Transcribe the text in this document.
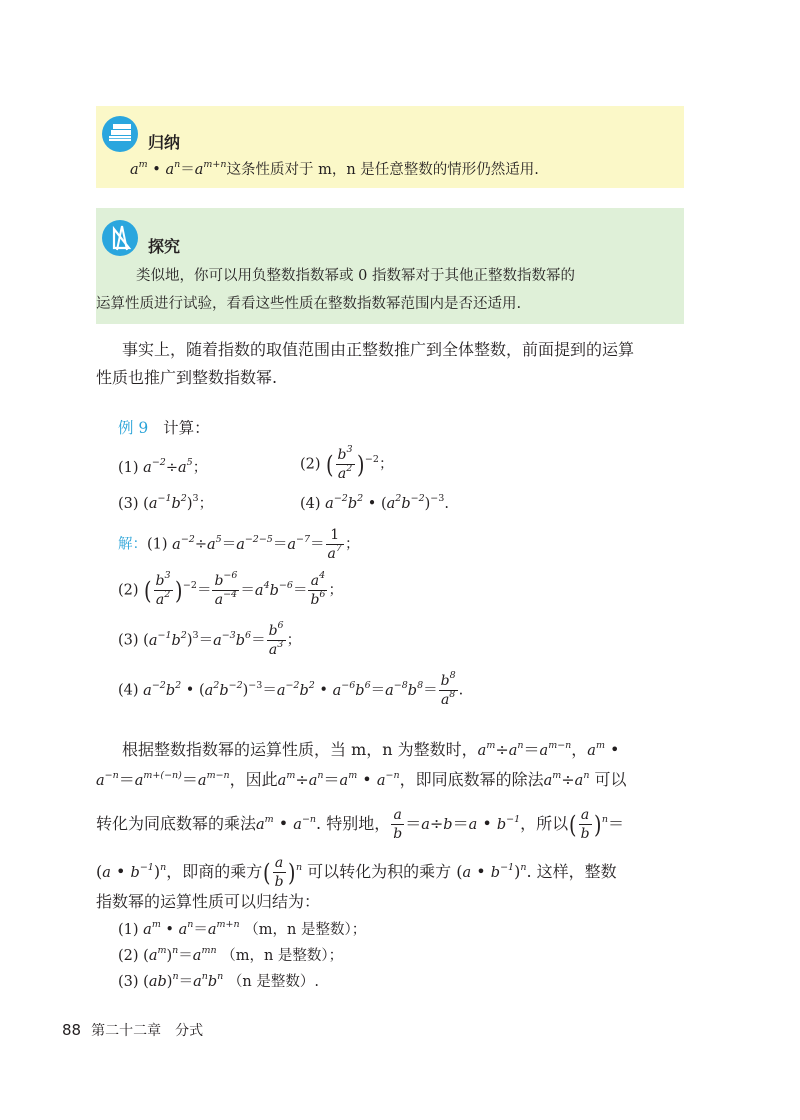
归纳
$a^m$ • $a^n=a^{m+n}$这条性质对于 m，n 是任意整数的情形仍然适用.
探究
类似地，你可以用负整数指数幂或 0 指数幂对于其他正整数指数幂的
运算性质进行试验，看看这些性质在整数指数幂范围内是否还适用.
事实上，随着指数的取值范围由正整数推广到全体整数，前面提到的运算
性质也推广到整数指数幂.
例 9 计算：
(1) $a^{-2}\div a^5$；	(2) ( $\frac{b^3}{a^2} )^{-2}$；
(3) $(a^{-1}b^2)^3$；	(4) $a^{-2}b^2$ • $(a^2b^{-2})^{-3}$.
解：(1) $a^{-2}\div a^5=a^{-2-5}=a^{-7}= \frac{1}{a^7}$ ；
(2) ( $\frac{b^3}{a^2} )^{-2}= \frac{b^{-6}}{a^{-4}} =a^4b^{-6}= \frac{a^4}{b^6}$ ；
(3) $(a^{-1}b^2)^3=a^{-3}b^6= \frac{b^6}{a^3}$ ；
(4) $a^{-2}b^2$ • $(a^2b^{-2})^{-3}=a^{-2}b^2$ • $a^{-6}b^6=a^{-8}b^8= \frac{b^8}{a^8}$ .
根据整数指数幂的运算性质，当 m，n 为整数时，$a^m\div a^n=a^{m-n}$，$a^m$ •
$a^{-n}=a^{m+(-n)}=a^{m-n}$，因此$a^m\div a^n=a^m$ • $a^{-n}$，即同底数幂的除法$a^m\div a^n$ 可以
转化为同底数幂的乘法$a^m$ • $a^{-n}$. 特别地， $\frac{a}{b} =a\div b=a$ • $b^{-1}$，所以( $\frac{a}{b} )^n=$
(a • $b^{-1})^n$，即商的乘方( $\frac{a}{b} )^n$ 可以转化为积的乘方 (a • $b^{-1})^n$. 这样，整数
指数幂的运算性质可以归结为：
(1) $a^m$ • $a^n=a^{m+n}$ （m，n 是整数）；
(2) $(a^m)^n=a^{mn}$ （m，n 是整数）；
(3) $(ab)^n=a^nb^n$ （n 是整数）.
88 第二十二章　分式
